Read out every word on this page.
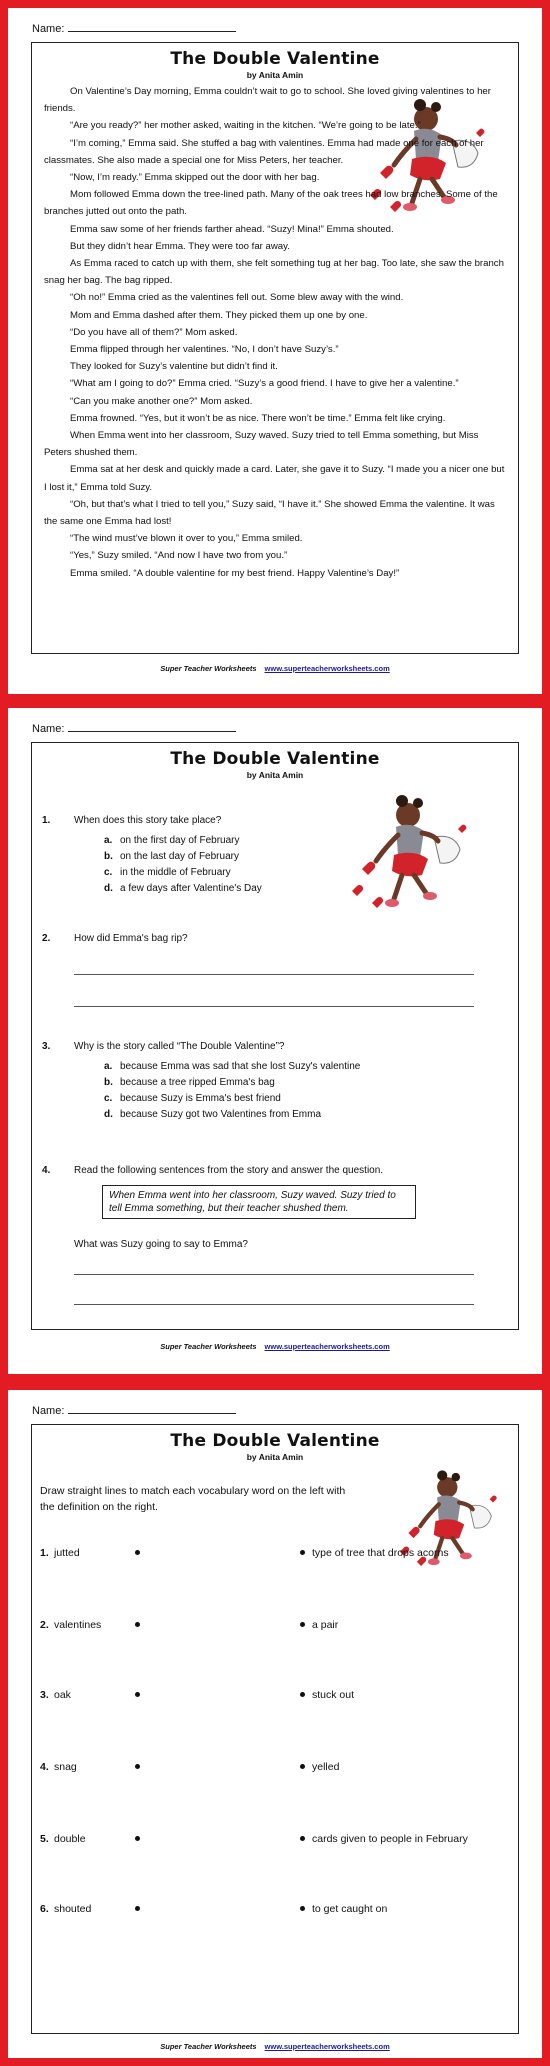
Name:
The Double Valentine
by Anita Amin

On Valentine’s Day morning, Emma couldn’t wait to go to school. She loved giving valentines to her friends.

“Are you ready?” her mother asked, waiting in the kitchen. “We’re going to be late.”

“I’m coming,” Emma said. She stuffed a bag with valentines. Emma had made one for each of her classmates. She also made a special one for Miss Peters, her teacher.

“Now, I’m ready.” Emma skipped out the door with her bag.

Mom followed Emma down the tree-lined path. Many of the oak trees had low branches. Some of the branches jutted out onto the path.

Emma saw some of her friends farther ahead. “Suzy! Mina!” Emma shouted.

But they didn’t hear Emma. They were too far away.

As Emma raced to catch up with them, she felt something tug at her bag. Too late, she saw the branch snag her bag. The bag ripped.

“Oh no!” Emma cried as the valentines fell out. Some blew away with the wind.

Mom and Emma dashed after them. They picked them up one by one.

“Do you have all of them?” Mom asked.

Emma flipped through her valentines. “No, I don’t have Suzy’s.”

They looked for Suzy’s valentine but didn’t find it.

“What am I going to do?” Emma cried. “Suzy’s a good friend. I have to give her a valentine.”

“Can you make another one?” Mom asked.

Emma frowned. “Yes, but it won’t be as nice. There won’t be time.” Emma felt like crying.

When Emma went into her classroom, Suzy waved. Suzy tried to tell Emma something, but Miss Peters shushed them.

Emma sat at her desk and quickly made a card. Later, she gave it to Suzy. “I made you a nicer one but I lost it,” Emma told Suzy.

“Oh, but that’s what I tried to tell you,” Suzy said, “I have it.” She showed Emma the valentine. It was the same one Emma had lost!

“The wind must’ve blown it over to you,” Emma smiled.

“Yes,” Suzy smiled. “And now I have two from you.”

Emma smiled. “A double valentine for my best friend. Happy Valentine’s Day!”

Super Teacher Worksheets www.superteacherworksheets.com
Name:
The Double Valentine
by Anita Amin
1. When does this story take place?
a. on the first day of February
b. on the last day of February
c. in the middle of February
d. a few days after Valentine's Day
2. How did Emma's bag rip?
3. Why is the story called “The Double Valentine”?
a. because Emma was sad that she lost Suzy's valentine
b. because a tree ripped Emma's bag
c. because Suzy is Emma's best friend
d. because Suzy got two Valentines from Emma
4. Read the following sentences from the story and answer the question.
When Emma went into her classroom, Suzy waved. Suzy tried to tell Emma something, but their teacher shushed them.
What was Suzy going to say to Emma?
Super Teacher Worksheets www.superteacherworksheets.com
Name:
The Double Valentine
by Anita Amin
Draw straight lines to match each vocabulary word on the left with the definition on the right.
1. jutted	type of tree that drops acorns
2. valentines	a pair
3. oak	stuck out
4. snag	yelled
5. double	cards given to people in February
6. shouted	to get caught on
Super Teacher Worksheets www.superteacherworksheets.com
